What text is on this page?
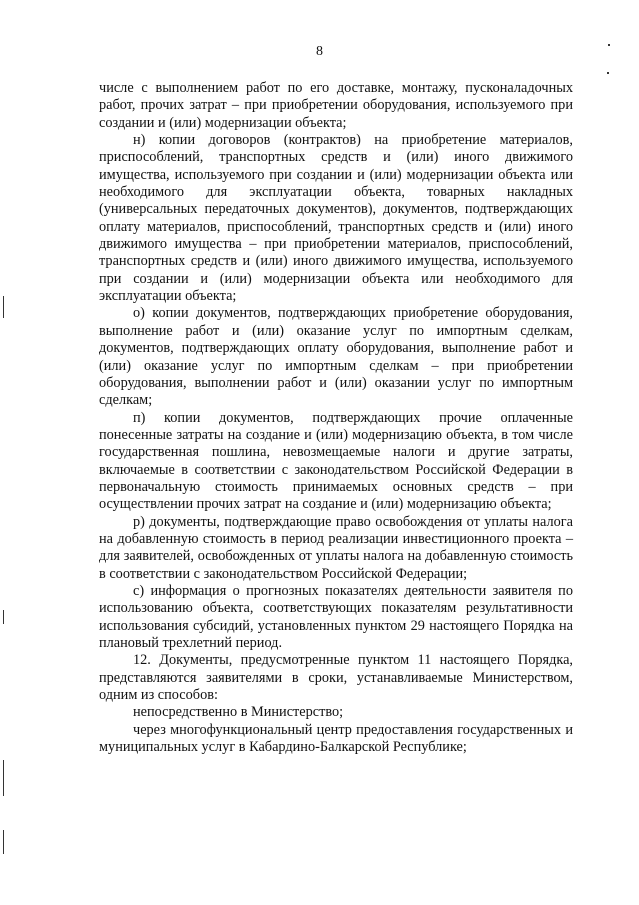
8

числе с выполнением работ по его доставке, монтажу, пусконаладочных работ, прочих затрат – при приобретении оборудования, используемого при создании и (или) модернизации объекта;

н) копии договоров (контрактов) на приобретение материалов, приспособлений, транспортных средств и (или) иного движимого имущества, используемого при создании и (или) модернизации объекта или необходимого для эксплуатации объекта, товарных накладных (универсальных передаточных документов), документов, подтверждающих оплату материалов, приспособлений, транспортных средств и (или) иного движимого имущества – при приобретении материалов, приспособлений, транспортных средств и (или) иного движимого имущества, используемого при создании и (или) модернизации объекта или необходимого для эксплуатации объекта;

о) копии документов, подтверждающих приобретение оборудования, выполнение работ и (или) оказание услуг по импортным сделкам, документов, подтверждающих оплату оборудования, выполнение работ и (или) оказание услуг по импортным сделкам – при приобретении оборудования, выполнении работ и (или) оказании услуг по импортным сделкам;

п) копии документов, подтверждающих прочие оплаченные понесенные затраты на создание и (или) модернизацию объекта, в том числе государственная пошлина, невозмещаемые налоги и другие затраты, включаемые в соответствии с законодательством Российской Федерации в первоначальную стоимость принимаемых основных средств – при осуществлении прочих затрат на создание и (или) модернизацию объекта;

р) документы, подтверждающие право освобождения от уплаты налога на добавленную стоимость в период реализации инвестиционного проекта – для заявителей, освобожденных от уплаты налога на добавленную стоимость в соответствии с законодательством Российской Федерации;

с) информация о прогнозных показателях деятельности заявителя по использованию объекта, соответствующих показателям результативности использования субсидий, установленных пунктом 29 настоящего Порядка на плановый трехлетний период.

12. Документы, предусмотренные пунктом 11 настоящего Порядка, представляются заявителями в сроки, устанавливаемые Министерством, одним из способов:

непосредственно в Министерство;

через многофункциональный центр предоставления государственных и муниципальных услуг в Кабардино-Балкарской Республике;
